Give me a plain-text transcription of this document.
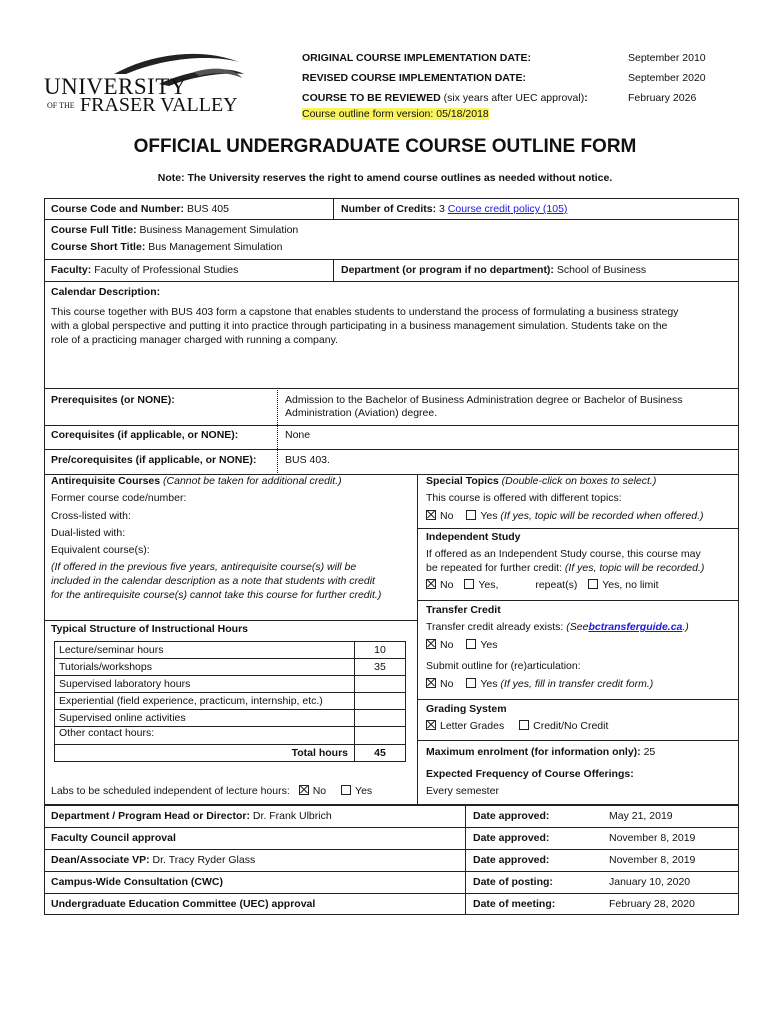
UNIVERSITY
OF THE FRASER VALLEY
ORIGINAL COURSE IMPLEMENTATION DATE:	September 2010
REVISED COURSE IMPLEMENTATION DATE:	September 2020
COURSE TO BE REVIEWED (six years after UEC approval):	February 2026
Course outline form version: 05/18/2018
OFFICIAL UNDERGRADUATE COURSE OUTLINE FORM
Note: The University reserves the right to amend course outlines as needed without notice.
Course Code and Number: BUS 405	Number of Credits: 3 Course credit policy (105)
Course Full Title: Business Management Simulation
Course Short Title: Bus Management Simulation
Faculty: Faculty of Professional Studies	Department (or program if no department): School of Business
Calendar Description:
This course together with BUS 403 form a capstone that enables students to understand the process of formulating a business strategy
with a global perspective and putting it into practice through participating in a business management simulation. Students take on the
role of a practicing manager charged with running a company.
Prerequisites (or NONE):	Admission to the Bachelor of Business Administration degree or Bachelor of Business
Administration (Aviation) degree.
Corequisites (if applicable, or NONE):	None
Pre/corequisites (if applicable, or NONE):	BUS 403.
Antirequisite Courses (Cannot be taken for additional credit.)
Former course code/number:
Cross-listed with:
Dual-listed with:
Equivalent course(s):
(If offered in the previous five years, antirequisite course(s) will be
included in the calendar description as a note that students with credit
for the antirequisite course(s) cannot take this course for further credit.)
Typical Structure of Instructional Hours
Lecture/seminar hours	10
Tutorials/workshops	35
Supervised laboratory hours	
Experiential (field experience, practicum, internship, etc.)	
Supervised online activities	
Other contact hours:	
Total hours	45
Labs to be scheduled independent of lecture hours: No	Yes
Special Topics (Double-click on boxes to select.)
This course is offered with different topics:
No	Yes (If yes, topic will be recorded when offered.)
Independent Study
If offered as an Independent Study course, this course may
be repeated for further credit: (If yes, topic will be recorded.)
No Yes,	repeat(s) Yes, no limit
Transfer Credit
Transfer credit already exists: (Seebctransferguide.ca.)
No	Yes
Submit outline for (re)articulation:
No	Yes (If yes, fill in transfer credit form.)
Grading System
Letter Grades	Credit/No Credit
Maximum enrolment (for information only): 25
Expected Frequency of Course Offerings:
Every semester
Department / Program Head or Director: Dr. Frank Ulbrich	Date approved:	May 21, 2019
Faculty Council approval	Date approved:	November 8, 2019
Dean/Associate VP: Dr. Tracy Ryder Glass	Date approved:	November 8, 2019
Campus-Wide Consultation (CWC)	Date of posting:	January 10, 2020
Undergraduate Education Committee (UEC) approval	Date of meeting:	February 28, 2020
